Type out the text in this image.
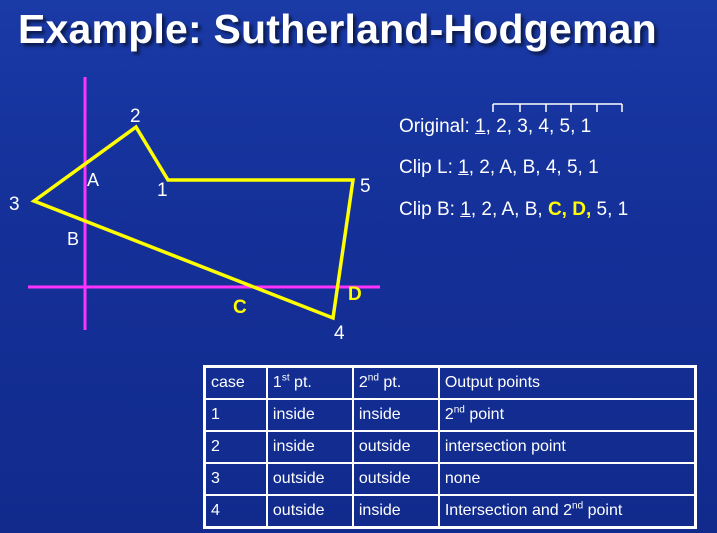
Example: Sutherland-Hodgeman
1
2
3
4
5
A
B
C
D
Original: 1, 2, 3, 4, 5, 1
Clip L: 1, 2, A, B, 4, 5, 1
Clip B: 1, 2, A, B, C, D, 5, 1
case	1st pt.	2nd pt.	Output points
1	inside	inside	2nd point
2	inside	outside	intersection point
3	outside	outside	none
4	outside	inside	Intersection and 2nd point
